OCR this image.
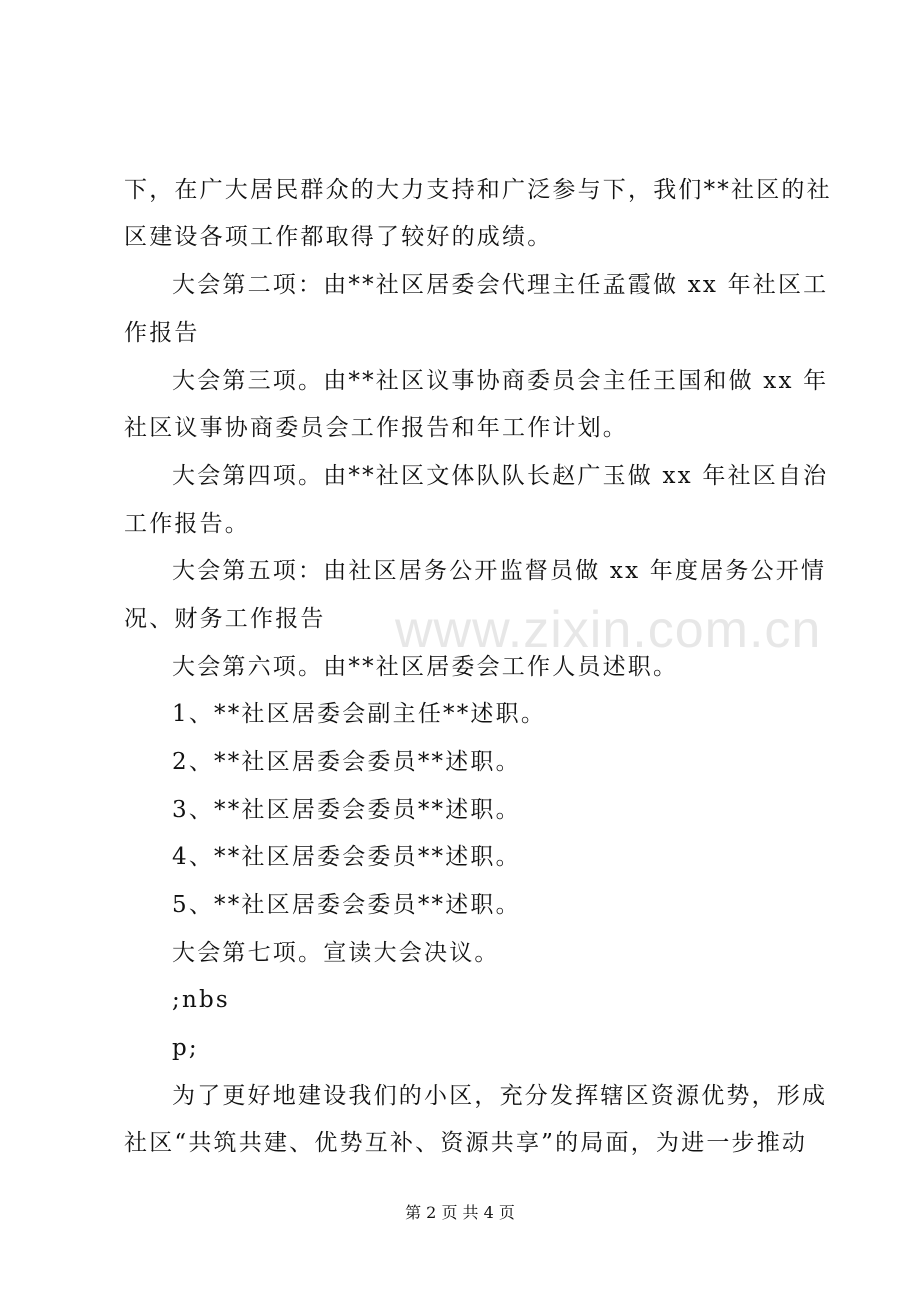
下，在广大居民群众的大力支持和广泛参与下，我们**社区的社
区建设各项工作都取得了较好的成绩。
大会第二项：由**社区居委会代理主任孟霞做 xx 年社区工
作报告
大会第三项。由**社区议事协商委员会主任王国和做 xx 年
社区议事协商委员会工作报告和年工作计划。
大会第四项。由**社区文体队队长赵广玉做 xx 年社区自治
工作报告。
大会第五项：由社区居务公开监督员做 xx 年度居务公开情
况、财务工作报告
大会第六项。由**社区居委会工作人员述职。
1、**社区居委会副主任**述职。
2、**社区居委会委员**述职。
3、**社区居委会委员**述职。
4、**社区居委会委员**述职。
5、**社区居委会委员**述职。
大会第七项。宣读大会决议。
;nbs
p;
为了更好地建设我们的小区，充分发挥辖区资源优势，形成
社区“共筑共建、优势互补、资源共享”的局面，为进一步推动
www.zixin.com.cn
第 2 页 共 4 页
